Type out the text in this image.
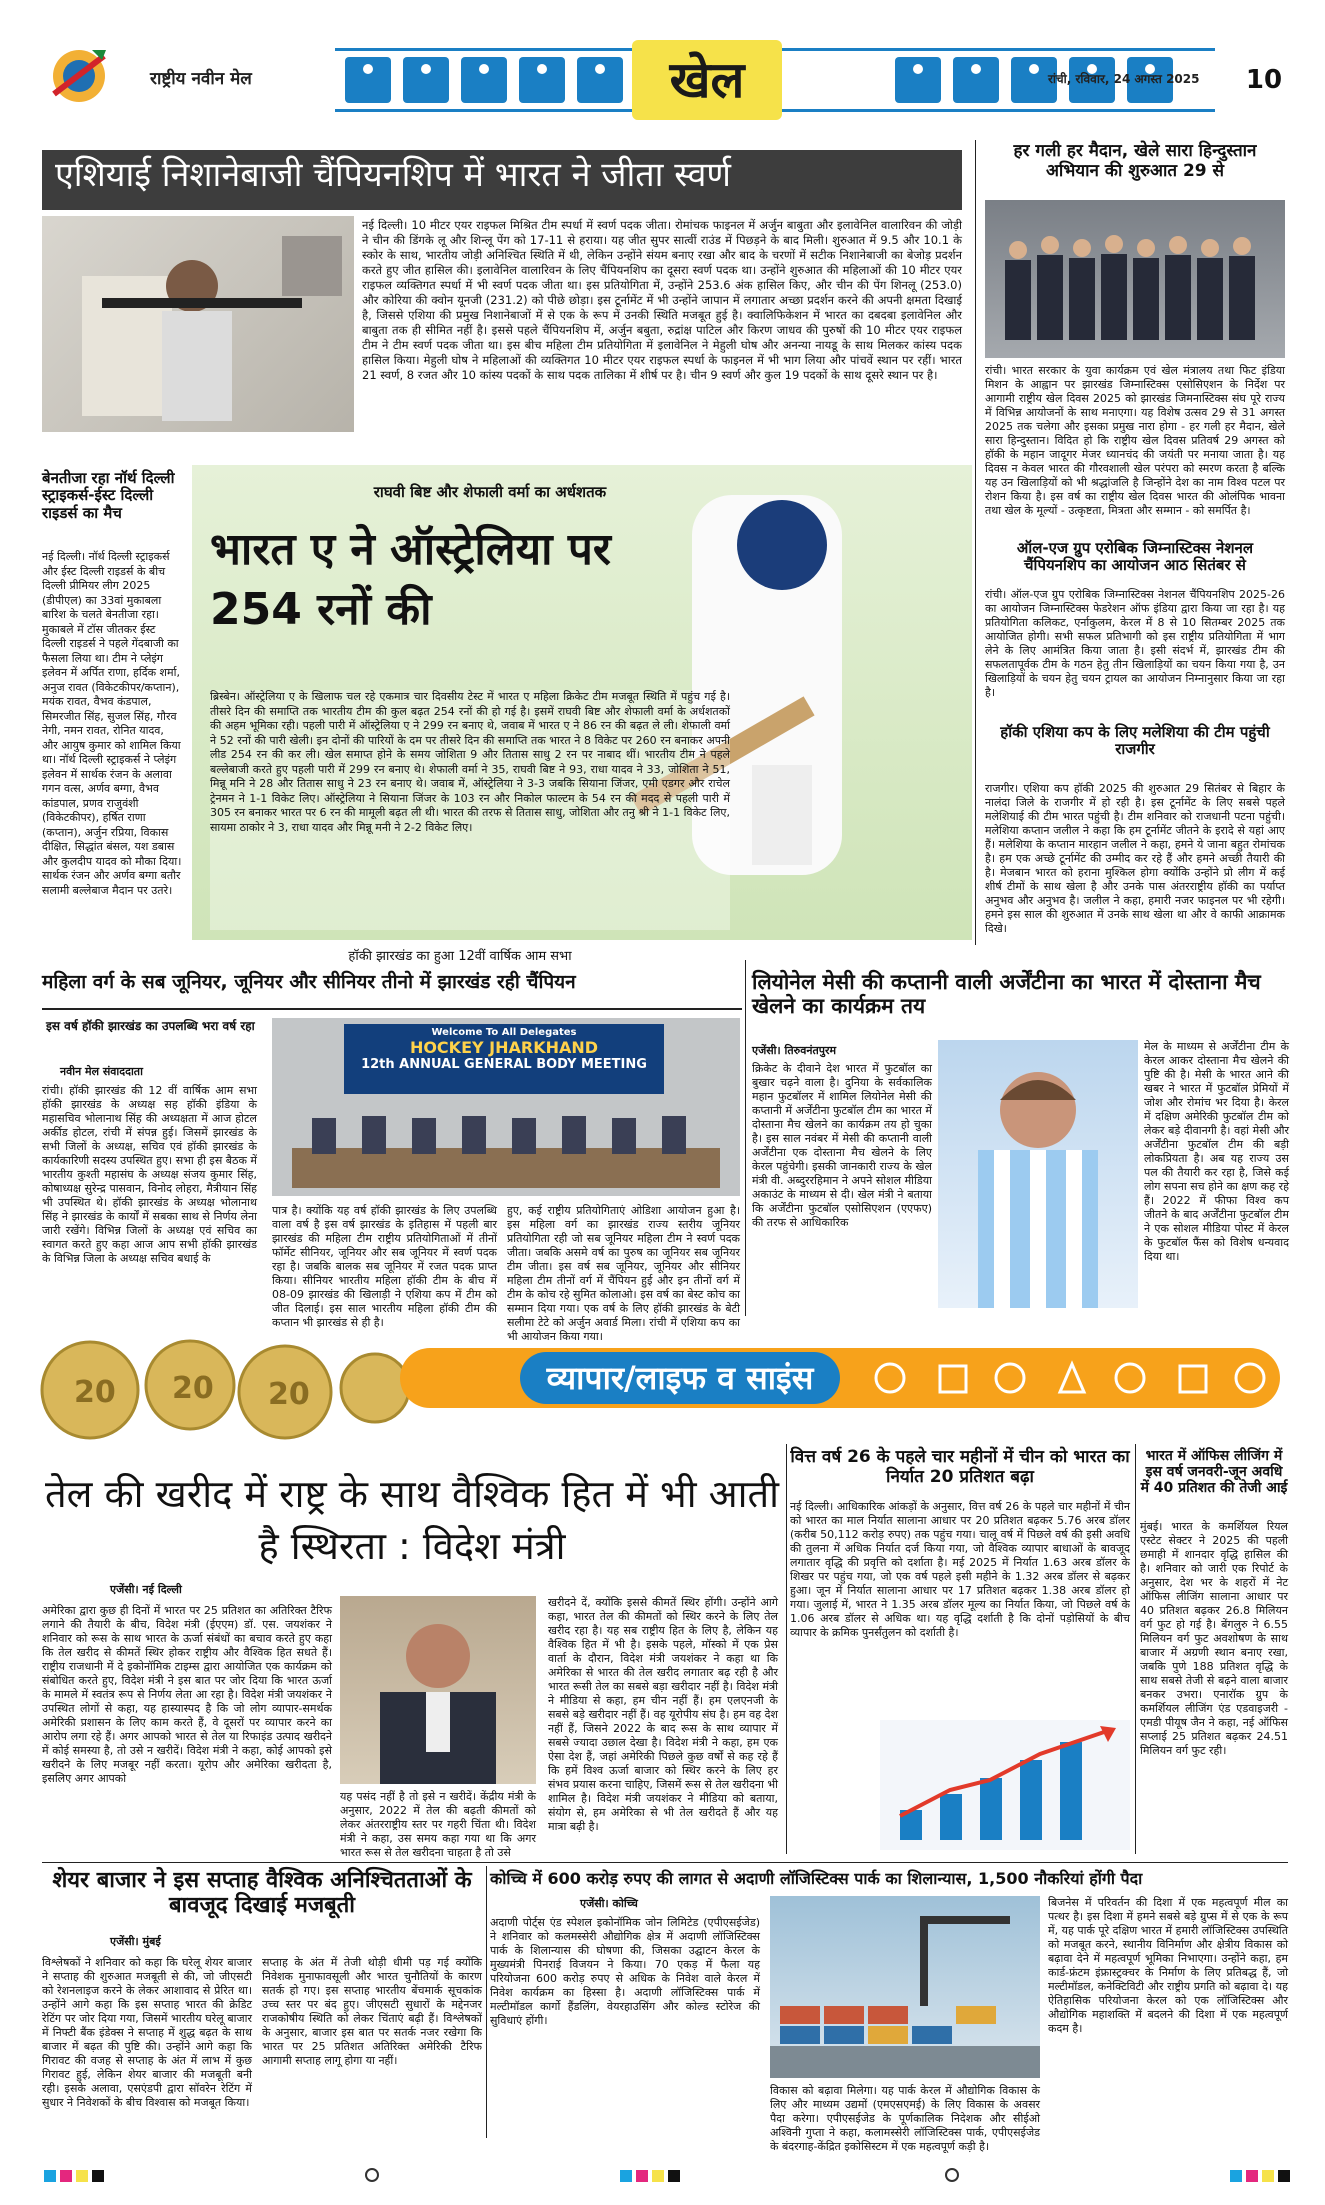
राष्ट्रीय नवीन मेल	खेल	रांची, रविवार, 24 अगस्त 2025 10
एशियाई निशानेबाजी चैंपियनशिप में भारत ने जीता स्वर्ण
नई दिल्ली। 10 मीटर एयर राइफल मिश्रित टीम स्पर्धा में स्वर्ण पदक जीता। रोमांचक फाइनल में अर्जुन बाबुता और इलावेनिल वालारिवन की जोड़ी ने चीन की डिंगके लू और शिन्लू पेंग को 17-11 से हराया। यह जीत सुपर सात्वीं राउंड में पिछड़ने के बाद मिली। शुरुआत में 9.5 और 10.1 के स्कोर के साथ, भारतीय जोड़ी अनिश्चित स्थिति में थी, लेकिन उन्होंने संयम बनाए रखा और बाद के चरणों में सटीक निशानेबाजी का बेजोड़ प्रदर्शन करते हुए जीत हासिल की। इलावेनिल वालारिवन के लिए चैंपियनशिप का दूसरा स्वर्ण पदक था। उन्होंने शुरुआत की महिलाओं की 10 मीटर एयर राइफल व्यक्तिगत स्पर्धा में भी स्वर्ण पदक जीता था। इस प्रतियोगिता में, उन्होंने 253.6 अंक हासिल किए, और चीन की पेंग शिनलू (253.0) और कोरिया की क्वोन यूनजी (231.2) को पीछे छोड़ा। इस टूर्नामेंट में भी उन्होंने जापान में लगातार अच्छा प्रदर्शन करने की अपनी क्षमता दिखाई है, जिससे एशिया की प्रमुख निशानेबाजों में से एक के रूप में उनकी स्थिति मजबूत हुई है। क्वालिफिकेशन में भारत का दबदबा इलावेनिल और बाबुता तक ही सीमित नहीं है। इससे पहले चैंपियनशिप में, अर्जुन बबुता, रुद्रांक्ष पाटिल और किरण जाधव की पुरुषों की 10 मीटर एयर राइफल टीम ने टीम स्वर्ण पदक जीता था। इस बीच महिला टीम प्रतियोगिता में इलावेनिल ने मेहुली घोष और अनन्या नायडू के साथ मिलकर कांस्य पदक हासिल किया। मेहुली घोष ने महिलाओं की व्यक्तिगत 10 मीटर एयर राइफल स्पर्धा के फाइनल में भी भाग लिया और पांचवें स्थान पर रहीं। भारत 21 स्वर्ण, 8 रजत और 10 कांस्य पदकों के साथ पदक तालिका में शीर्ष पर है। चीन 9 स्वर्ण और कुल 19 पदकों के साथ दूसरे स्थान पर है।
हर गली हर मैदान, खेले सारा हिन्दुस्तान अभियान की शुरुआत 29 से
रांची। भारत सरकार के युवा कार्यक्रम एवं खेल मंत्रालय तथा फिट इंडिया मिशन के आह्वान पर झारखंड जिम्नास्टिक्स एसोसिएशन के निर्देश पर आगामी राष्ट्रीय खेल दिवस 2025 को झारखंड जिमनास्टिक्स संघ पूरे राज्य में विभिन्न आयोजनों के साथ मनाएगा। यह विशेष उत्सव 29 से 31 अगस्त 2025 तक चलेगा और इसका प्रमुख नारा होगा - हर गली हर मैदान, खेले सारा हिन्दुस्तान। विदित हो कि राष्ट्रीय खेल दिवस प्रतिवर्ष 29 अगस्त को हॉकी के महान जादूगर मेजर ध्यानचंद की जयंती पर मनाया जाता है। यह दिवस न केवल भारत की गौरवशाली खेल परंपरा को स्मरण करता है बल्कि यह उन खिलाड़ियों को भी श्रद्धांजलि है जिन्होंने देश का नाम विश्व पटल पर रोशन किया है। इस वर्ष का राष्ट्रीय खेल दिवस भारत की ओलंपिक भावना तथा खेल के मूल्यों - उत्कृष्टता, मित्रता और सम्मान - को समर्पित है।
ऑल-एज ग्रुप एरोबिक जिम्नास्टिक्स नेशनल चैंपियनशिप का आयोजन आठ सितंबर से
रांची। ऑल-एज ग्रुप एरोबिक जिम्नास्टिक्स नेशनल चैंपियनशिप 2025-26 का आयोजन जिम्नास्टिक्स फेडरेशन ऑफ इंडिया द्वारा किया जा रहा है। यह प्रतियोगिता कलिकट, एर्नाकुलम, केरल में 8 से 10 सितम्बर 2025 तक आयोजित होगी। सभी सफल प्रतिभागी को इस राष्ट्रीय प्रतियोगिता में भाग लेने के लिए आमंत्रित किया जाता है। इसी संदर्भ में, झारखंड टीम की सफलतापूर्वक टीम के गठन हेतु तीन खिलाड़ियों का चयन किया गया है, उन खिलाड़ियों के चयन हेतु चयन ट्रायल का आयोजन निम्नानुसार किया जा रहा है।
हॉकी एशिया कप के लिए मलेशिया की टीम पहुंची राजगीर
राजगीर। एशिया कप हॉकी 2025 की शुरुआत 29 सितंबर से बिहार के नालंदा जिले के राजगीर में हो रही है। इस टूर्नामेंट के लिए सबसे पहले मलेशियाई की टीम भारत पहुंची है। टीम शनिवार को राजधानी पटना पहुंची। मलेशिया कप्तान जलील ने कहा कि हम टूर्नामेंट जीतने के इरादे से यहां आए हैं। मलेशिया के कप्तान मारहान जलील ने कहा, हमने ये जाना बहुत रोमांचक है। हम एक अच्छे टूर्नामेंट की उम्मीद कर रहे हैं और हमने अच्छी तैयारी की है। मेजबान भारत को हराना मुश्किल होगा क्योंकि उन्होंने प्रो लीग में कई शीर्ष टीमों के साथ खेला है और उनके पास अंतरराष्ट्रीय हॉकी का पर्याप्त अनुभव और अनुभव है। जलील ने कहा, हमारी नजर फाइनल पर भी रहेगी। हमने इस साल की शुरुआत में उनके साथ खेला था और वे काफी आक्रामक दिखे।
बेनतीजा रहा नॉर्थ दिल्ली स्ट्राइकर्स-ईस्ट दिल्ली राइडर्स का मैच
नई दिल्ली। नॉर्थ दिल्ली स्ट्राइकर्स और ईस्ट दिल्ली राइडर्स के बीच दिल्ली प्रीमियर लीग 2025 (डीपीएल) का 33वां मुकाबला बारिश के चलते बेनतीजा रहा। मुकाबले में टॉस जीतकर ईस्ट दिल्ली राइडर्स ने पहले गेंदबाजी का फैसला लिया था। टीम ने प्लेइंग इलेवन में अर्पित राणा, हर्दिक शर्मा, अनुज रावत (विकेटकीपर/कप्तान), मयंक रावत, वैभव कंडपाल, सिमरजीत सिंह, सुजल सिंह, गौरव नेगी, नमन रावत, रोनित यादव, और आयुष कुमार को शामिल किया था। नॉर्थ दिल्ली स्ट्राइकर्स ने प्लेइंग इलेवन में सार्थक रंजन के अलावा गगन वत्स, अर्णव बग्गा, वैभव कांडपाल, प्रणव राजुवंशी (विकेटकीपर), हर्षित राणा (कप्तान), अर्जुन रप्रिया, विकास दीक्षित, सिद्धांत बंसल, यश डबास और कुलदीप यादव को मौका दिया। सार्थक रंजन और अर्णव बग्गा बतौर सलामी बल्लेबाज मैदान पर उतरे।
राघवी बिष्ट और शेफाली वर्मा का अर्धशतक
भारत ए ने ऑस्ट्रेलिया पर 254 रनों की
ब्रिस्बेन। ऑस्ट्रेलिया ए के खिलाफ चल रहे एकमात्र चार दिवसीय टेस्ट में भारत ए महिला क्रिकेट टीम मजबूत स्थिति में पहुंच गई है। तीसरे दिन की समाप्ति तक भारतीय टीम की कुल बढ़त 254 रनों की हो गई है। इसमें राघवी बिष्ट और शेफाली वर्मा के अर्धशतकों की अहम भूमिका रही। पहली पारी में ऑस्ट्रेलिया ए ने 299 रन बनाए थे, जवाब में भारत ए ने 86 रन की बढ़त ले ली। शेफाली वर्मा ने 52 रनों की पारी खेली। इन दोनों की पारियों के दम पर तीसरे दिन की समाप्ति तक भारत ने 8 विकेट पर 260 रन बनाकर अपनी लीड 254 रन की कर ली। खेल समाप्त होने के समय जोशिता 9 और तितास साधु 2 रन पर नाबाद थीं। भारतीय टीम ने पहले बल्लेबाजी करते हुए पहली पारी में 299 रन बनाए थे। शेफाली वर्मा ने 35, राघवी बिष्ट ने 93, राधा यादव ने 33, जोशिता ने 51, मिन्नू मनि ने 28 और तितास साधु ने 23 रन बनाए थे। जवाब में, ऑस्ट्रेलिया ने 3-3 जबकि सियाना जिंजर, एमी एडगर और राचेल ट्रेनमन ने 1-1 विकेट लिए। ऑस्ट्रेलिया ने सियाना जिंजर के 103 रन और निकोल फाल्टम के 54 रन की मदद से पहली पारी में 305 रन बनाकर भारत पर 6 रन की मामूली बढ़त ली थी। भारत की तरफ से तितास साधु, जोशिता और तनु श्री ने 1-1 विकेट लिए, सायमा ठाकोर ने 3, राधा यादव और मिन्नू मनी ने 2-2 विकेट लिए।
हॉकी झारखंड का हुआ 12वीं वार्षिक आम सभा
महिला वर्ग के सब जूनियर, जूनियर और सीनियर तीनो में झारखंड रही चैंपियन
इस वर्ष हॉकी झारखंड का उपलब्धि भरा वर्ष रहा
नवीन मेल संवाददाता
रांची। हॉकी झारखंड की 12 वीं वार्षिक आम सभा हॉकी झारखंड के अध्यक्ष सह हॉकी इंडिया के महासचिव भोलानाथ सिंह की अध्यक्षता में आज होटल अर्कीड होटल, रांची में संपन्न हुई। जिसमें झारखंड के सभी जिलों के अध्यक्ष, सचिव एवं हॉकी झारखंड के कार्यकारिणी सदस्य उपस्थित हुए। सभा ही इस बैठक में भारतीय कुश्ती महासंघ के अध्यक्ष संजय कुमार सिंह, कोषाध्यक्ष सुरेन्द्र पासवान, विनोद लोहरा, मैत्रीयान सिंह भी उपस्थित थे। हॉकी झारखंड के अध्यक्ष भोलानाथ सिंह ने झारखंड के कार्यों में सबका साथ से निर्णय लेना जारी रखेंगे। विभिन्न जिलों के अध्यक्ष एवं सचिव का स्वागत करते हुए कहा आज आप सभी हॉकी झारखंड के विभिन्न जिला के अध्यक्ष सचिव बधाई के
Welcome To All Delegates
HOCKEY JHARKHAND
12th ANNUAL GENERAL BODY MEETING
पात्र है। क्योंकि यह वर्ष हॉकी झारखंड के लिए उपलब्धि वाला वर्ष है इस वर्ष झारखंड के इतिहास में पहली बार झारखंड की महिला टीम राष्ट्रीय प्रतियोगिताओं में तीनों फॉर्मेट सीनियर, जूनियर और सब जूनियर में स्वर्ण पदक रहा है। जबकि बालक सब जूनियर में रजत पदक प्राप्त किया। सीनियर भारतीय महिला हॉकी टीम के बीच में 08-09 झारखंड की खिलाड़ी ने एशिया कप में टीम को जीत दिलाई। इस साल भारतीय महिला हॉकी टीम की कप्तान भी झारखंड से ही है।
हुए, कई राष्ट्रीय प्रतियोगिताएं ओडिशा आयोजन हुआ है। इस महिला वर्ग का झारखंड राज्य स्तरीय जूनियर प्रतियोगिता रही जो सब जूनियर महिला टीम ने स्वर्ण पदक जीता। जबकि असमे वर्ष का पुरुष का जूनियर सब जूनियर टीम जीता। इस वर्ष सब जूनियर, जूनियर और सीनियर महिला टीम तीनों वर्ग में चैंपियन हुई और इन तीनों वर्ग में टीम के कोच रहे सुमित कोलाओ। इस वर्ष का बेस्ट कोच का सम्मान दिया गया। एक वर्ष के लिए हॉकी झारखंड के बेटी सलीमा टेटे को अर्जुन अवार्ड मिला। रांची में एशिया कप का भी आयोजन किया गया।
लियोनेल मेसी की कप्तानी वाली अर्जेंटीना का भारत में दोस्ताना मैच खेलने का कार्यक्रम तय
एजेंसी। तिरुवनंतपुरम
क्रिकेट के दीवाने देश भारत में फुटबॉल का बुखार चढ़ने वाला है। दुनिया के सर्वकालिक महान फुटबॉलर में शामिल लियोनेल मेसी की कप्तानी में अर्जेंटीना फुटबॉल टीम का भारत में दोस्ताना मैच खेलने का कार्यक्रम तय हो चुका है। इस साल नवंबर में मेसी की कप्तानी वाली अर्जेंटीना एक दोस्ताना मैच खेलने के लिए केरल पहुंचेगी। इसकी जानकारी राज्य के खेल मंत्री वी. अब्दुररहिमान ने अपने सोशल मीडिया अकाउंट के माध्यम से दी। खेल मंत्री ने बताया कि अर्जेंटीना फुटबॉल एसोसिएशन (एएफए) की तरफ से आधिकारिक
मेल के माध्यम से अर्जेंटीना टीम के केरल आकर दोस्ताना मैच खेलने की पुष्टि की है। मेसी के भारत आने की खबर ने भारत में फुटबॉल प्रेमियों में जोश और रोमांच भर दिया है। केरल में दक्षिण अमेरिकी फुटबॉल टीम को लेकर बड़े दीवानगी है। वहां मेसी और अर्जेंटीना फुटबॉल टीम की बड़ी लोकप्रियता है। अब यह राज्य उस पल की तैयारी कर रहा है, जिसे कई लोग सपना सच होने का क्षण कह रहे हैं। 2022 में फीफा विश्व कप जीतने के बाद अर्जेंटीना फुटबॉल टीम ने एक सोशल मीडिया पोस्ट में केरल के फुटबॉल फैंस को विशेष धन्यवाद दिया था।
20 20 20	व्यापार/लाइफ व साइंस
तेल की खरीद में राष्ट्र के साथ वैश्विक हित में भी आती है स्थिरता : विदेश मंत्री
एजेंसी। नई दिल्ली
अमेरिका द्वारा कुछ ही दिनों में भारत पर 25 प्रतिशत का अतिरिक्त टैरिफ लगाने की तैयारी के बीच, विदेश मंत्री (ईएएम) डॉ. एस. जयशंकर ने शनिवार को रूस के साथ भारत के ऊर्जा संबंधों का बचाव करते हुए कहा कि तेल खरीद से कीमतें स्थिर होकर राष्ट्रीय और वैश्विक हित सधते हैं। राष्ट्रीय राजधानी में दे इकोनॉमिक टाइम्स द्वारा आयोजित एक कार्यक्रम को संबोधित करते हुए, विदेश मंत्री ने इस बात पर जोर दिया कि भारत ऊर्जा के मामले में स्वतंत्र रूप से निर्णय लेता आ रहा है। विदेश मंत्री जयशंकर ने उपस्थित लोगों से कहा, यह हास्यास्पद है कि जो लोग व्यापार-समर्थक अमेरिकी प्रशासन के लिए काम करते हैं, वे दूसरों पर व्यापार करने का आरोप लगा रहे हैं। अगर आपको भारत से तेल या रिफाइंड उत्पाद खरीदने में कोई समस्या है, तो उसे न खरीदें। विदेश मंत्री ने कहा, कोई आपको इसे खरीदने के लिए मजबूर नहीं करता। यूरोप और अमेरिका खरीदता है, इसलिए अगर आपको
यह पसंद नहीं है तो इसे न खरीदें। केंद्रीय मंत्री के अनुसार, 2022 में तेल की बढ़ती कीमतों को लेकर अंतरराष्ट्रीय स्तर पर गहरी चिंता थी। विदेश मंत्री ने कहा, उस समय कहा गया था कि अगर भारत रूस से तेल खरीदना चाहता है तो उसे
खरीदने दें, क्योंकि इससे कीमतें स्थिर होंगी। उन्होंने आगे कहा, भारत तेल की कीमतों को स्थिर करने के लिए तेल खरीद रहा है। यह सब राष्ट्रीय हित के लिए है, लेकिन यह वैश्विक हित में भी है। इसके पहले, मॉस्को में एक प्रेस वार्ता के दौरान, विदेश मंत्री जयशंकर ने कहा था कि अमेरिका से भारत की तेल खरीद लगातार बढ़ रही है और भारत रूसी तेल का सबसे बड़ा खरीदार नहीं है। विदेश मंत्री ने मीडिया से कहा, हम चीन नहीं हैं। हम एलएनजी के सबसे बड़े खरीदार नहीं हैं। वह यूरोपीय संघ है। हम वह देश नहीं हैं, जिसने 2022 के बाद रूस के साथ व्यापार में सबसे ज्यादा उछाल देखा है। विदेश मंत्री ने कहा, हम एक ऐसा देश हैं, जहां अमेरिकी पिछले कुछ वर्षों से कह रहे हैं कि हमें विश्व ऊर्जा बाजार को स्थिर करने के लिए हर संभव प्रयास करना चाहिए, जिसमें रूस से तेल खरीदना भी शामिल है। विदेश मंत्री जयशंकर ने मीडिया को बताया, संयोग से, हम अमेरिका से भी तेल खरीदते हैं और यह मात्रा बढ़ी है।
वित्त वर्ष 26 के पहले चार महीनों में चीन को भारत का निर्यात 20 प्रतिशत बढ़ा
नई दिल्ली। आधिकारिक आंकड़ों के अनुसार, वित्त वर्ष 26 के पहले चार महीनों में चीन को भारत का माल निर्यात सालाना आधार पर 20 प्रतिशत बढ़कर 5.76 अरब डॉलर (करीब 50,112 करोड़ रुपए) तक पहुंच गया। चालू वर्ष में पिछले वर्ष की इसी अवधि की तुलना में अधिक निर्यात दर्ज किया गया, जो वैश्विक व्यापार बाधाओं के बावजूद लगातार वृद्धि की प्रवृत्ति को दर्शाता है। मई 2025 में निर्यात 1.63 अरब डॉलर के शिखर पर पहुंच गया, जो एक वर्ष पहले इसी महीने के 1.32 अरब डॉलर से बढ़कर हुआ। जून में निर्यात सालाना आधार पर 17 प्रतिशत बढ़कर 1.38 अरब डॉलर हो गया। जुलाई में, भारत ने 1.35 अरब डॉलर मूल्य का निर्यात किया, जो पिछले वर्ष के 1.06 अरब डॉलर से अधिक था। यह वृद्धि दर्शाती है कि दोनों पड़ोसियों के बीच व्यापार के क्रमिक पुनर्संतुलन को दर्शाती है।
भारत में ऑफिस लीजिंग में इस वर्ष जनवरी-जून अवधि में 40 प्रतिशत की तेजी आई
मुंबई। भारत के कमर्शियल रियल एस्टेट सेक्टर ने 2025 की पहली छमाही में शानदार वृद्धि हासिल की है। शनिवार को जारी एक रिपोर्ट के अनुसार, देश भर के शहरों में नेट ऑफिस लीजिंग सालाना आधार पर 40 प्रतिशत बढ़कर 26.8 मिलियन वर्ग फुट हो गई है। बेंगलुरु ने 6.55 मिलियन वर्ग फुट अवशोषण के साथ बाजार में अग्रणी स्थान बनाए रखा, जबकि पुणे 188 प्रतिशत वृद्धि के साथ सबसे तेजी से बढ़ने वाला बाजार बनकर उभरा। एनारॉक ग्रुप के कमर्शियल लीजिंग एंड एडवाइजरी - एमडी पीयूष जैन ने कहा, नई ऑफिस सप्लाई 25 प्रतिशत बढ़कर 24.51 मिलियन वर्ग फुट रही।
शेयर बाजार ने इस सप्ताह वैश्विक अनिश्चितताओं के बावजूद दिखाई मजबूती
एजेंसी। मुंबई
विश्लेषकों ने शनिवार को कहा कि घरेलू शेयर बाजार ने सप्ताह की शुरुआत मजबूती से की, जो जीएसटी को रेशनलाइज करने के लेकर आशावाद से प्रेरित था। उन्होंने आगे कहा कि इस सप्ताह भारत की क्रेडिट रेटिंग पर जोर दिया गया, जिसमें भारतीय घरेलू बाजार में निफ्टी बैंक इंडेक्स ने सप्ताह में शुद्ध बढ़त के साथ बाजार में बढ़त की पुष्टि की। उन्होंने आगे कहा कि गिरावट की वजह से सप्ताह के अंत में लाभ में कुछ गिरावट हुई, लेकिन शेयर बाजार की मजबूती बनी रही। इसके अलावा, एसएंडपी द्वारा सॉवरेन रेटिंग में सुधार ने निवेशकों के बीच विश्वास को मजबूत किया।
सप्ताह के अंत में तेजी थोड़ी धीमी पड़ गई क्योंकि निवेशक मुनाफावसूली और भारत चुनौतियों के कारण सतर्क हो गए। इस सप्ताह भारतीय बेंचमार्क सूचकांक उच्च स्तर पर बंद हुए। जीएसटी सुधारों के मद्देनजर राजकोषीय स्थिति को लेकर चिंताएं बढ़ी हैं। विश्लेषकों के अनुसार, बाजार इस बात पर सतर्क नजर रखेगा कि भारत पर 25 प्रतिशत अतिरिक्त अमेरिकी टैरिफ आगामी सप्ताह लागू होगा या नहीं।
कोच्चि में 600 करोड़ रुपए की लागत से अदाणी लॉजिस्टिक्स पार्क का शिलान्यास, 1,500 नौकरियां होंगी पैदा
एजेंसी। कोच्चि
अदाणी पोर्ट्स एंड स्पेशल इकोनॉमिक जोन लिमिटेड (एपीएसईजेड) ने शनिवार को कलमस्सेरी औद्योगिक क्षेत्र में अदाणी लॉजिस्टिक्स पार्क के शिलान्यास की घोषणा की, जिसका उद्घाटन केरल के मुख्यमंत्री पिनराई विजयन ने किया। 70 एकड़ में फैला यह परियोजना 600 करोड़ रुपए से अधिक के निवेश वाले केरल में निवेश कार्यक्रम का हिस्सा है। अदाणी लॉजिस्टिक्स पार्क में मल्टीमॉडल कार्गो हैंडलिंग, वेयरहाउसिंग और कोल्ड स्टोरेज की सुविधाएं होंगी।
विकास को बढ़ावा मिलेगा। यह पार्क केरल में औद्योगिक विकास के लिए और माध्यम उद्यमों (एमएसएमई) के लिए विकास के अवसर पैदा करेगा। एपीएसईजेड के पूर्णकालिक निदेशक और सीईओ अश्विनी गुप्ता ने कहा, कलामस्सेरी लॉजिस्टिक्स पार्क, एपीएसईजेड के बंदरगाह-केंद्रित इकोसिस्टम में एक महत्वपूर्ण कड़ी है।
बिजनेस में परिवर्तन की दिशा में एक महत्वपूर्ण मील का पत्थर है। इस दिशा में हमने सबसे बड़े ग्रुप्स में से एक के रूप में, यह पार्क पूरे दक्षिण भारत में हमारी लॉजिस्टिक्स उपस्थिति को मजबूत करने, स्थानीय विनिर्माण और क्षेत्रीय विकास को बढ़ावा देने में महत्वपूर्ण भूमिका निभाएगा। उन्होंने कहा, हम कार्ड-फ्रंटम इंफ्रास्ट्रक्चर के निर्माण के लिए प्रतिबद्ध हैं, जो मल्टीमॉडल, कनेक्टिविटी और राष्ट्रीय प्रगति को बढ़ावा दे। यह ऐतिहासिक परियोजना केरल को एक लॉजिस्टिक्स और औद्योगिक महाशक्ति में बदलने की दिशा में एक महत्वपूर्ण कदम है।
